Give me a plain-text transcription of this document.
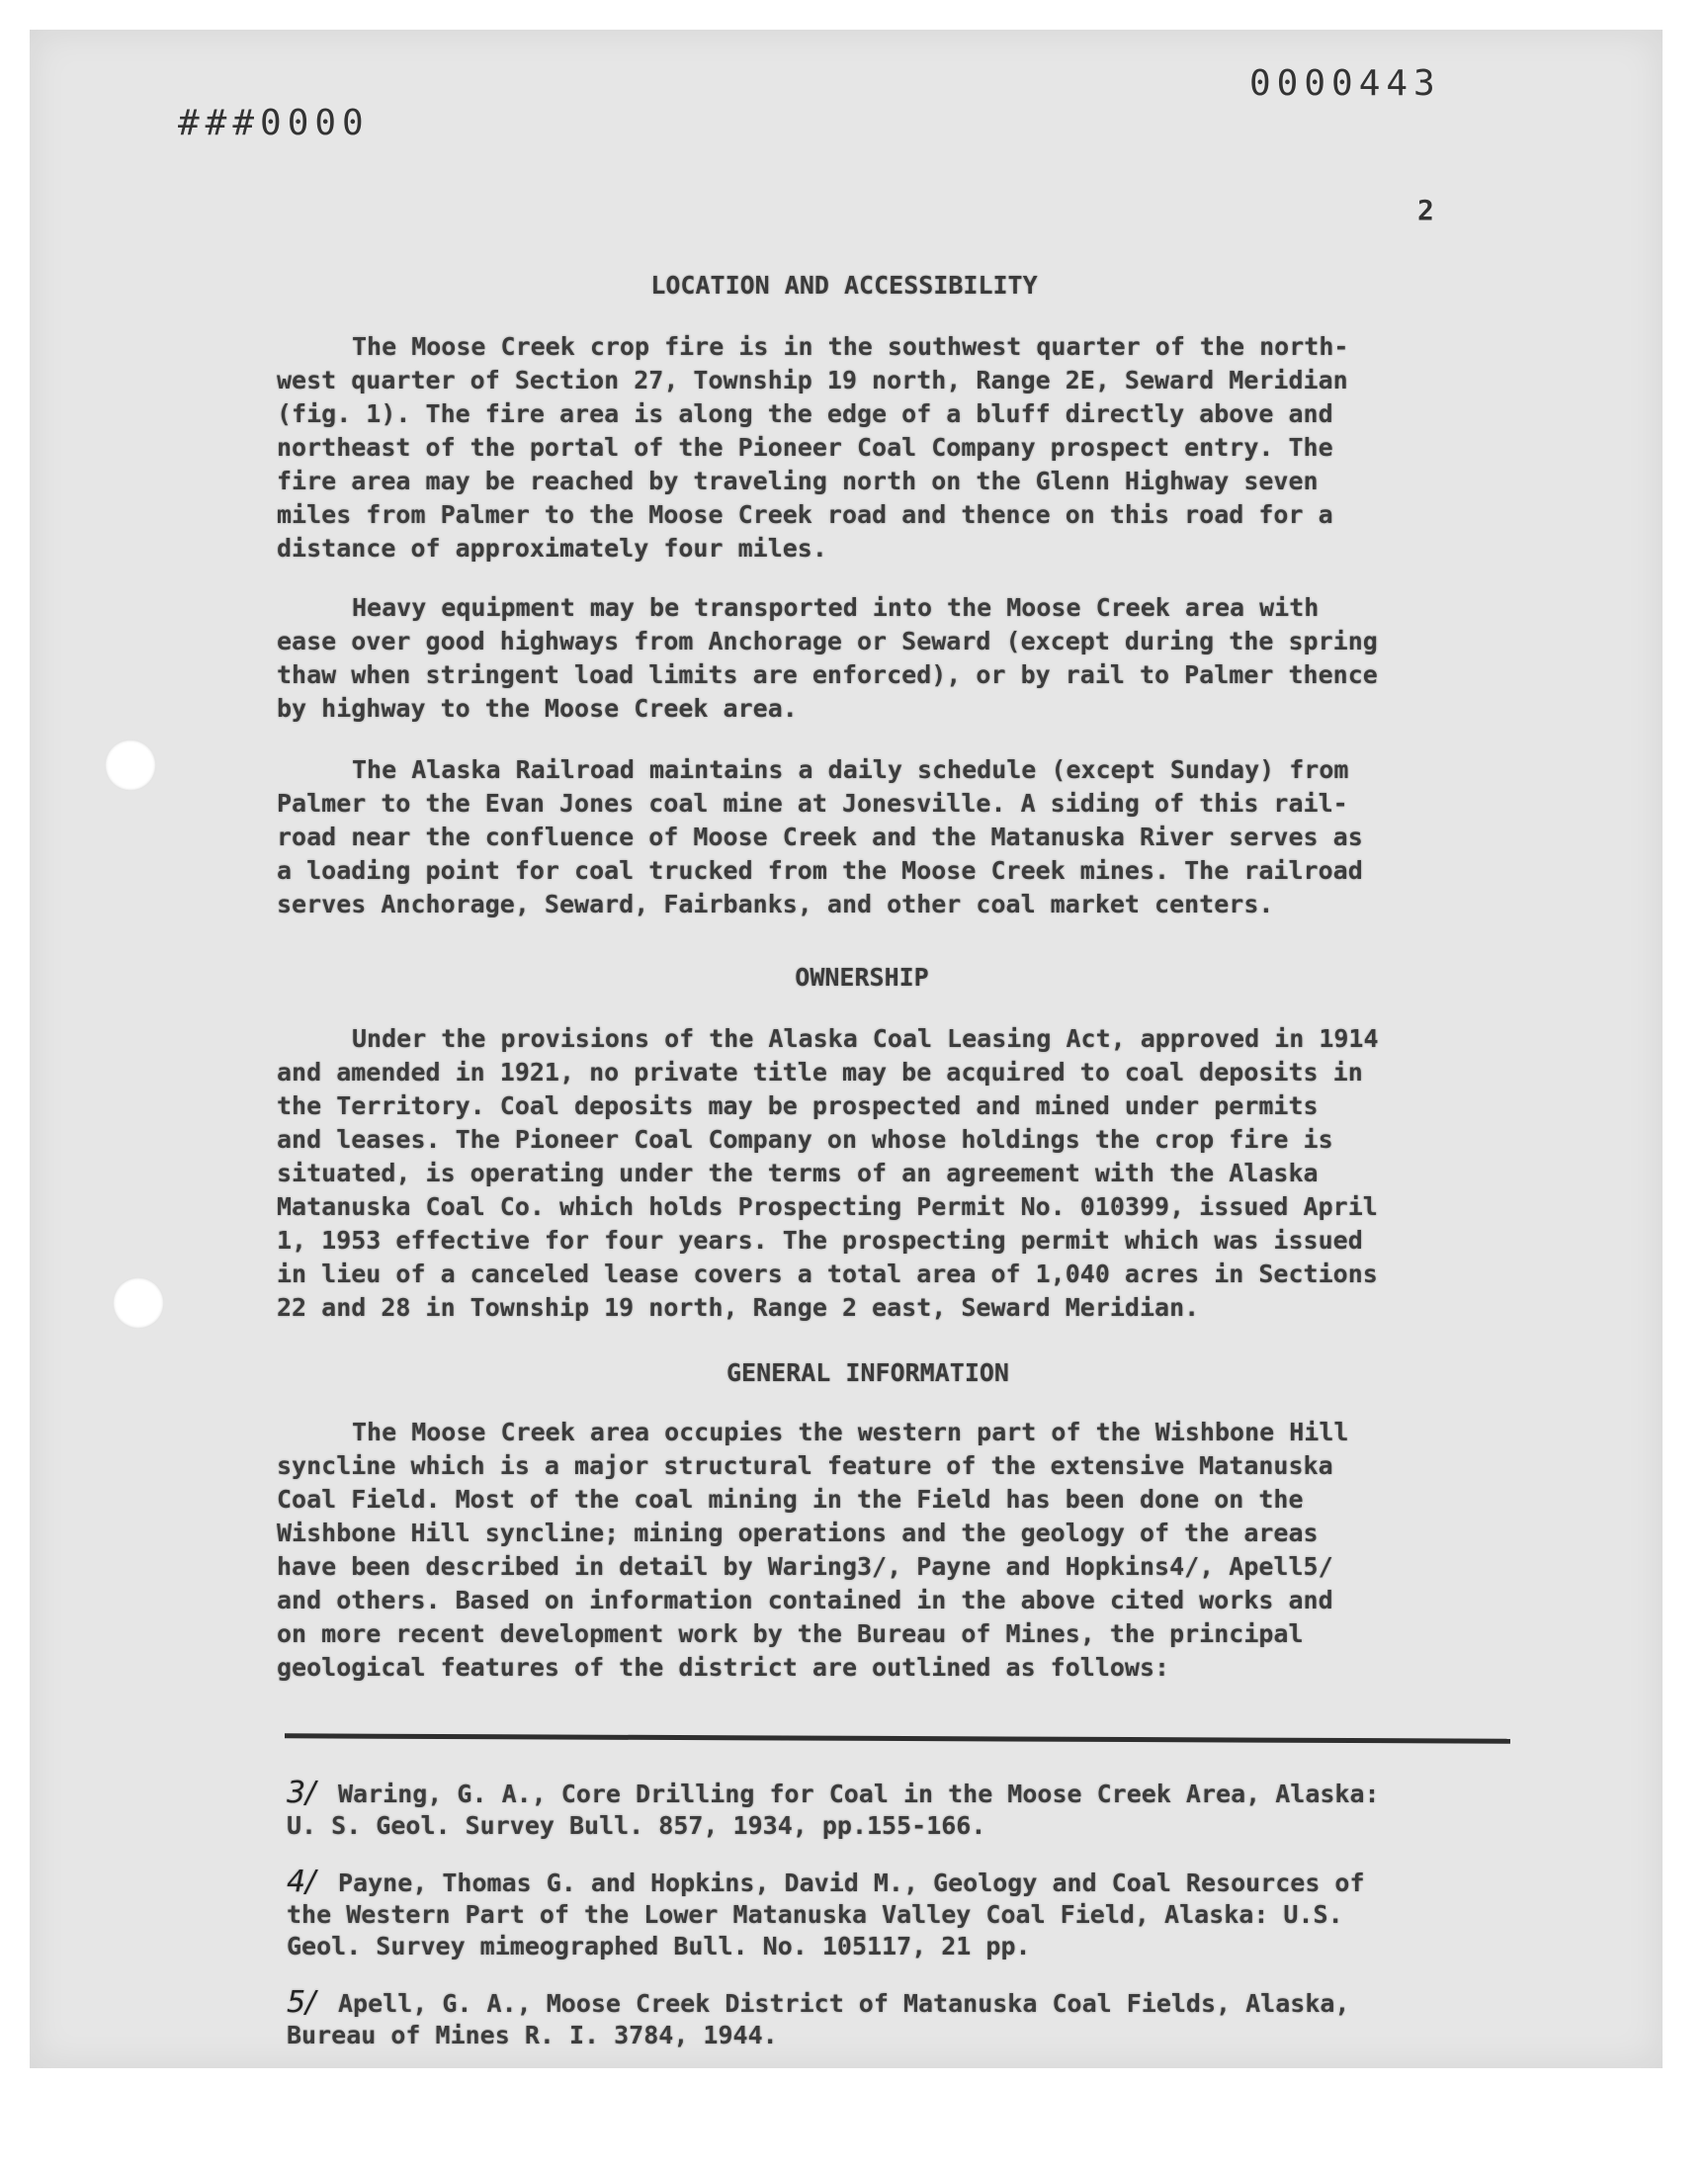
###0000
0000443
2
LOCATION AND ACCESSIBILITY

The Moose Creek crop fire is in the southwest quarter of the north-
west quarter of Section 27, Township 19 north, Range 2E, Seward Meridian
(fig. 1). The fire area is along the edge of a bluff directly above and
northeast of the portal of the Pioneer Coal Company prospect entry. The
fire area may be reached by traveling north on the Glenn Highway seven
miles from Palmer to the Moose Creek road and thence on this road for a
distance of approximately four miles.

Heavy equipment may be transported into the Moose Creek area with
ease over good highways from Anchorage or Seward (except during the spring
thaw when stringent load limits are enforced), or by rail to Palmer thence
by highway to the Moose Creek area.

The Alaska Railroad maintains a daily schedule (except Sunday) from
Palmer to the Evan Jones coal mine at Jonesville. A siding of this rail-
road near the confluence of Moose Creek and the Matanuska River serves as
a loading point for coal trucked from the Moose Creek mines. The railroad
serves Anchorage, Seward, Fairbanks, and other coal market centers.

OWNERSHIP

Under the provisions of the Alaska Coal Leasing Act, approved in 1914
and amended in 1921, no private title may be acquired to coal deposits in
the Territory. Coal deposits may be prospected and mined under permits
and leases. The Pioneer Coal Company on whose holdings the crop fire is
situated, is operating under the terms of an agreement with the Alaska
Matanuska Coal Co. which holds Prospecting Permit No. 010399, issued April
1, 1953 effective for four years. The prospecting permit which was issued
in lieu of a canceled lease covers a total area of 1,040 acres in Sections
22 and 28 in Township 19 north, Range 2 east, Seward Meridian.

GENERAL INFORMATION

The Moose Creek area occupies the western part of the Wishbone Hill
syncline which is a major structural feature of the extensive Matanuska
Coal Field. Most of the coal mining in the Field has been done on the
Wishbone Hill syncline; mining operations and the geology of the areas
have been described in detail by Waring3/, Payne and Hopkins4/, Apell5/
and others. Based on information contained in the above cited works and
on more recent development work by the Bureau of Mines, the principal
geological features of the district are outlined as follows:

3/ Waring, G. A., Core Drilling for Coal in the Moose Creek Area, Alaska:
U. S. Geol. Survey Bull. 857, 1934, pp.155-166.
4/ Payne, Thomas G. and Hopkins, David M., Geology and Coal Resources of
the Western Part of the Lower Matanuska Valley Coal Field, Alaska: U.S.
Geol. Survey mimeographed Bull. No. 105117, 21 pp.
5/ Apell, G. A., Moose Creek District of Matanuska Coal Fields, Alaska,
Bureau of Mines R. I. 3784, 1944.
